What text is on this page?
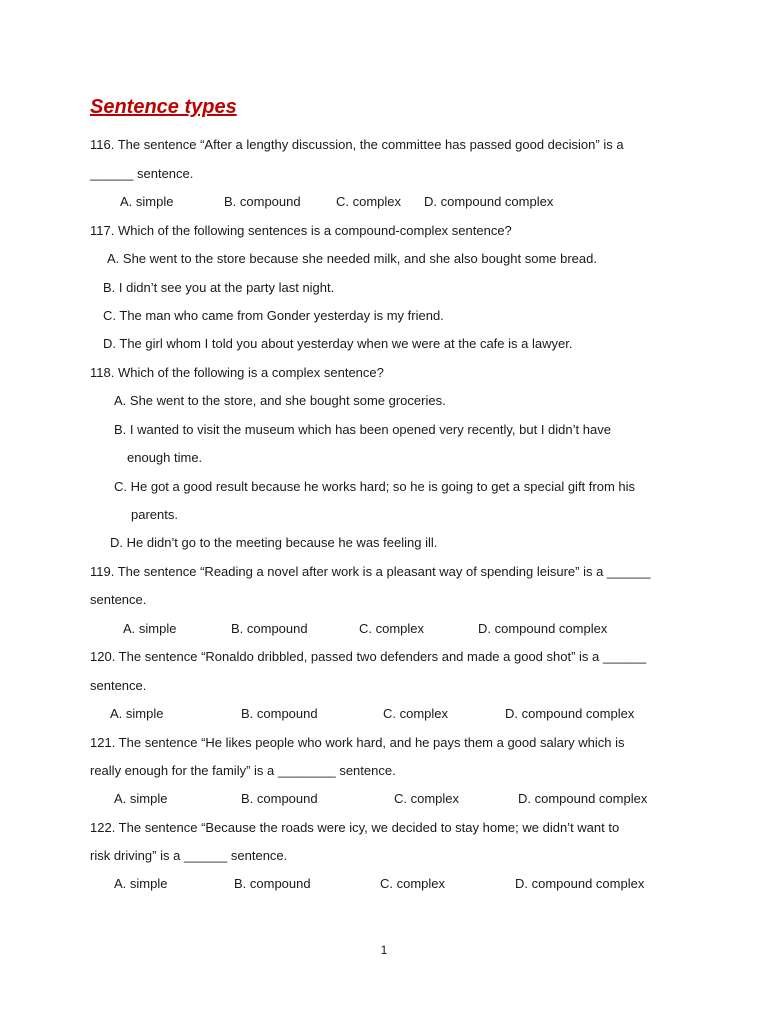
Sentence types
116. The sentence “After a lengthy discussion, the committee has passed good decision” is a
______ sentence.
A. simple	B. compound	C. complex D. compound complex
117. Which of the following sentences is a compound-complex sentence?
A. She went to the store because she needed milk, and she also bought some bread.
B. I didn’t see you at the party last night.
C. The man who came from Gonder yesterday is my friend.
D. The girl whom I told you about yesterday when we were at the cafe is a lawyer.
118. Which of the following is a complex sentence?
A. She went to the store, and she bought some groceries.
B. I wanted to visit the museum which has been opened very recently, but I didn’t have
enough time.
C. He got a good result because he works hard; so he is going to get a special gift from his
parents.
D. He didn’t go to the meeting because he was feeling ill.
119. The sentence “Reading a novel after work is a pleasant way of spending leisure” is a ______
sentence.
A. simple	B. compound	C. complex	D. compound complex
120. The sentence “Ronaldo dribbled, passed two defenders and made a good shot” is a ______
sentence.
A. simple	B. compound	C. complex	D. compound complex
121. The sentence “He likes people who work hard, and he pays them a good salary which is
really enough for the family” is a ________ sentence.
A. simple	B. compound	C. complex	D. compound complex
122. The sentence “Because the roads were icy, we decided to stay home; we didn’t want to
risk driving” is a ______ sentence.
A. simple	B. compound	C. complex	D. compound complex
1
